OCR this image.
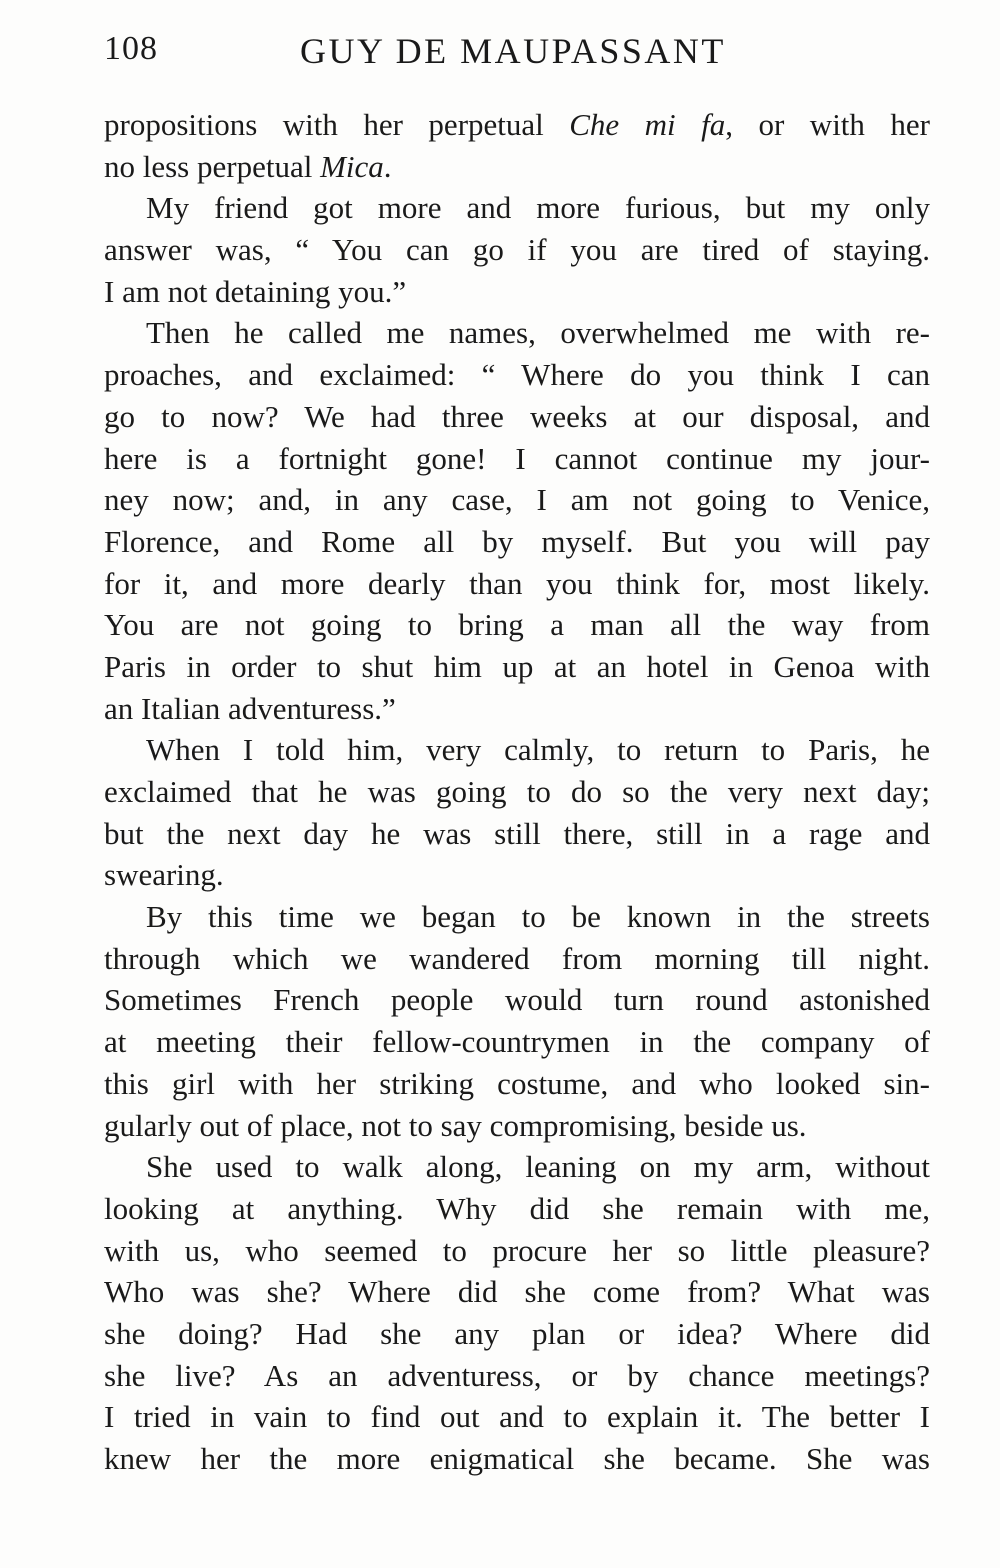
108	GUY DE MAUPASSANT
propositions with her perpetual Che mi fa, or with her
no less perpetual Mica.
My friend got more and more furious, but my only
answer was, “ You can go if you are tired of staying.
I am not detaining you.”
Then he called me names, overwhelmed me with re-
proaches, and exclaimed: “ Where do you think I can
go to now? We had three weeks at our disposal, and
here is a fortnight gone! I cannot continue my jour-
ney now; and, in any case, I am not going to Venice,
Florence, and Rome all by myself. But you will pay
for it, and more dearly than you think for, most likely.
You are not going to bring a man all the way from
Paris in order to shut him up at an hotel in Genoa with
an Italian adventuress.”
When I told him, very calmly, to return to Paris, he
exclaimed that he was going to do so the very next day;
but the next day he was still there, still in a rage and
swearing.
By this time we began to be known in the streets
through which we wandered from morning till night.
Sometimes French people would turn round astonished
at meeting their fellow-countrymen in the company of
this girl with her striking costume, and who looked sin-
gularly out of place, not to say compromising, beside us.
She used to walk along, leaning on my arm, without
looking at anything. Why did she remain with me,
with us, who seemed to procure her so little pleasure?
Who was she? Where did she come from? What was
she doing? Had she any plan or idea? Where did
she live? As an adventuress, or by chance meetings?
I tried in vain to find out and to explain it. The better I
knew her the more enigmatical she became. She was
